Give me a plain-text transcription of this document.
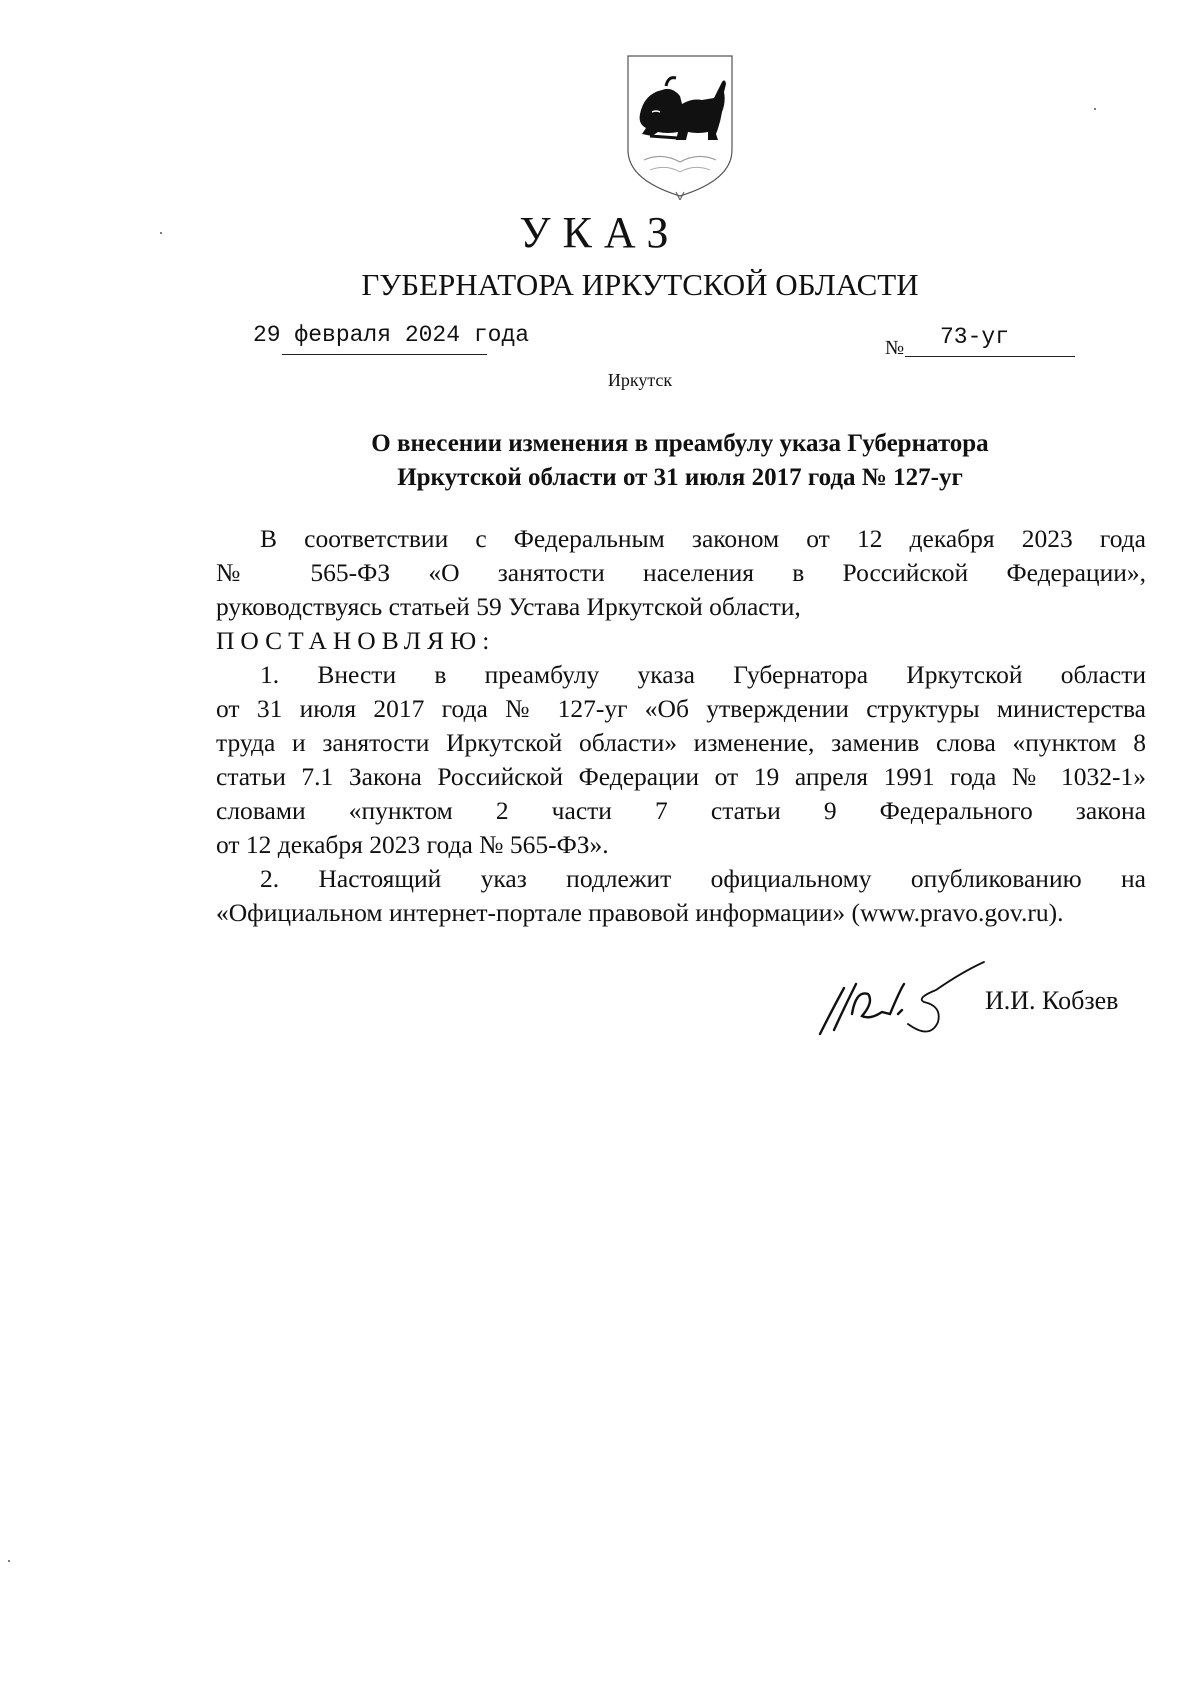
УКАЗ
ГУБЕРНАТОРА ИРКУТСКОЙ ОБЛАСТИ
29 февраля 2024 года	№ 73-уг
Иркутск
О внесении изменения в преамбулу указа Губернатора
Иркутской области от 31 июля 2017 года № 127-уг
В соответствии с Федеральным законом от 12 декабря 2023 года
№ 565-ФЗ «О занятости населения в Российской Федерации»,
руководствуясь статьей 59 Устава Иркутской области,
ПОСТАНОВЛЯЮ:
1. Внести в преамбулу указа Губернатора Иркутской области
от 31 июля 2017 года № 127-уг «Об утверждении структуры министерства
труда и занятости Иркутской области» изменение, заменив слова «пунктом 8
статьи 7.1 Закона Российской Федерации от 19 апреля 1991 года № 1032-1»
словами «пунктом 2 части 7 статьи 9 Федерального закона
от 12 декабря 2023 года № 565-ФЗ».
2. Настоящий указ подлежит официальному опубликованию на
«Официальном интернет-портале правовой информации» (www.pravo.gov.ru).
И.И. Кобзев
